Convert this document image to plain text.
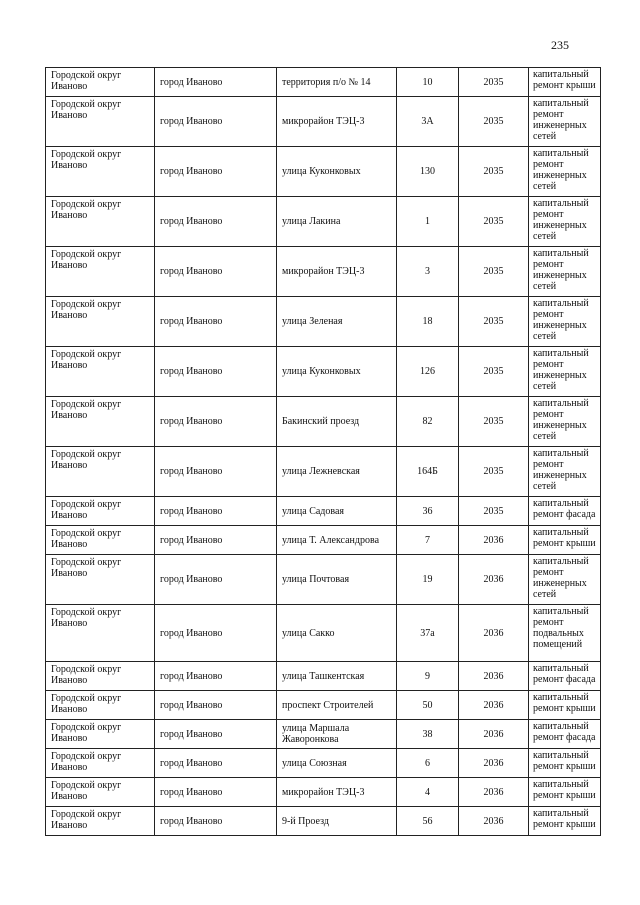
235
Городской округ Иваново	город Иваново	территория п/о № 14	10	2035	капитальный ремонт крыши
Городской округ Иваново	город Иваново	микрорайон ТЭЦ-3	3А	2035	капитальный ремонт инженерных сетей
Городской округ Иваново	город Иваново	улица Куконковых	130	2035	капитальный ремонт инженерных сетей
Городской округ Иваново	город Иваново	улица Лакина	1	2035	капитальный ремонт инженерных сетей
Городской округ Иваново	город Иваново	микрорайон ТЭЦ-3	3	2035	капитальный ремонт инженерных сетей
Городской округ Иваново	город Иваново	улица Зеленая	18	2035	капитальный ремонт инженерных сетей
Городской округ Иваново	город Иваново	улица Куконковых	126	2035	капитальный ремонт инженерных сетей
Городской округ Иваново	город Иваново	Бакинский проезд	82	2035	капитальный ремонт инженерных сетей
Городской округ Иваново	город Иваново	улица Лежневская	164Б	2035	капитальный ремонт инженерных сетей
Городской округ Иваново	город Иваново	улица Садовая	36	2035	капитальный ремонт фасада
Городской округ Иваново	город Иваново	улица Т. Александрова	7	2036	капитальный ремонт крыши
Городской округ Иваново	город Иваново	улица Почтовая	19	2036	капитальный ремонт инженерных сетей
Городской округ Иваново	город Иваново	улица Сакко	37а	2036	капитальный ремонт подвальных помещений
Городской округ Иваново	город Иваново	улица Ташкентская	9	2036	капитальный ремонт фасада
Городской округ Иваново	город Иваново	проспект Строителей	50	2036	капитальный ремонт крыши
Городской округ Иваново	город Иваново	улица Маршала Жаворонкова	38	2036	капитальный ремонт фасада
Городской округ Иваново	город Иваново	улица Союзная	6	2036	капитальный ремонт крыши
Городской округ Иваново	город Иваново	микрорайон ТЭЦ-3	4	2036	капитальный ремонт крыши
Городской округ Иваново	город Иваново	9-й Проезд	56	2036	капитальный ремонт крыши
